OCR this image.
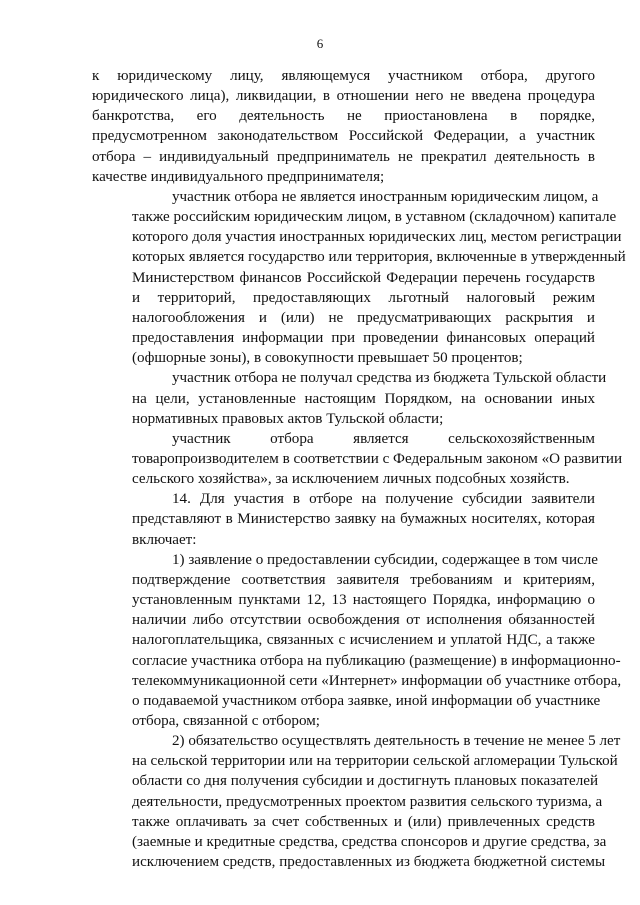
6
к юридическому лицу, являющемуся участником отбора, другого
юридического лица), ликвидации, в отношении него не введена процедура
банкротства, его деятельность не приостановлена в порядке,
предусмотренном законодательством Российской Федерации, а участник
отбора – индивидуальный предприниматель не прекратил деятельность в
качестве индивидуального предпринимателя;
участник отбора не является иностранным юридическим лицом, а
также российским юридическим лицом, в уставном (складочном) капитале
которого доля участия иностранных юридических лиц, местом регистрации
которых является государство или территория, включенные в утвержденный
Министерством финансов Российской Федерации перечень государств
и территорий, предоставляющих льготный налоговый режим
налогообложения и (или) не предусматривающих раскрытия и
предоставления информации при проведении финансовых операций
(офшорные зоны), в совокупности превышает 50 процентов;
участник отбора не получал средства из бюджета Тульской области
на цели, установленные настоящим Порядком, на основании иных
нормативных правовых актов Тульской области;
участник отбора является сельскохозяйственным
товаропроизводителем в соответствии с Федеральным законом «О развитии
сельского хозяйства», за исключением личных подсобных хозяйств.
14. Для участия в отборе на получение субсидии заявители
представляют в Министерство заявку на бумажных носителях, которая
включает:
1) заявление о предоставлении субсидии, содержащее в том числе
подтверждение соответствия заявителя требованиям и критериям,
установленным пунктами 12, 13 настоящего Порядка, информацию о
наличии либо отсутствии освобождения от исполнения обязанностей
налогоплательщика, связанных с исчислением и уплатой НДС, а также
согласие участника отбора на публикацию (размещение) в информационно-
телекоммуникационной сети «Интернет» информации об участнике отбора,
о подаваемой участником отбора заявке, иной информации об участнике
отбора, связанной с отбором;
2) обязательство осуществлять деятельность в течение не менее 5 лет
на сельской территории или на территории сельской агломерации Тульской
области со дня получения субсидии и достигнуть плановых показателей
деятельности, предусмотренных проектом развития сельского туризма, а
также оплачивать за счет собственных и (или) привлеченных средств
(заемные и кредитные средства, средства спонсоров и другие средства, за
исключением средств, предоставленных из бюджета бюджетной системы
